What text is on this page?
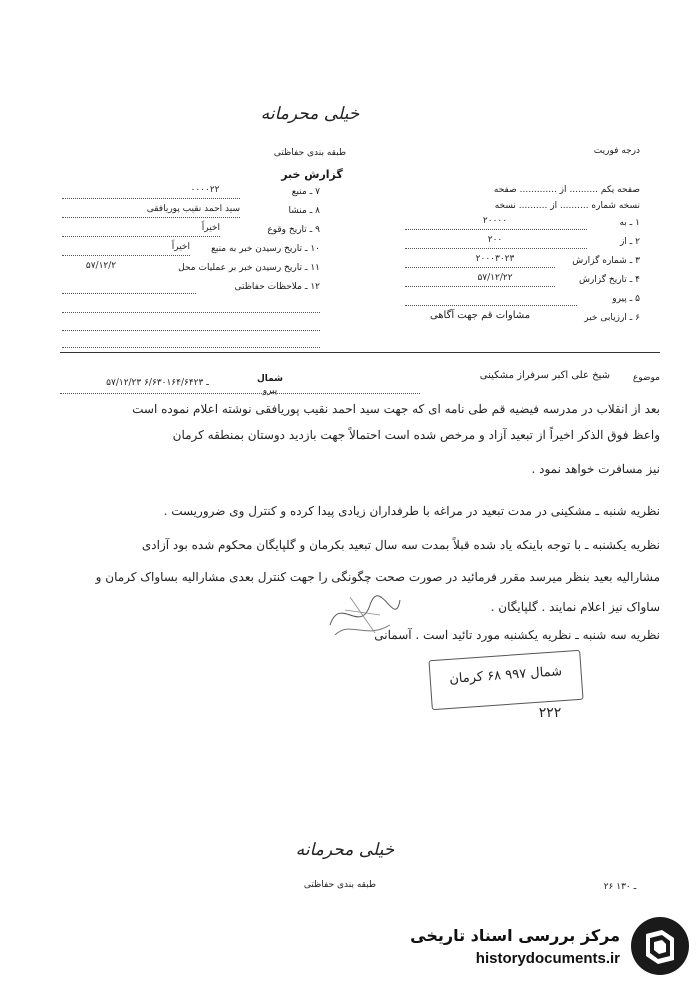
خیلی محرمانه
طبقه بندی حفاظتی	درجه فوریت
گزارش خبر
صفحه یکم .......... از ............. صفحه
نسخه شماره .......... از .......... نسخه
۱ ـ به
۲۰۰۰۰
۲ ـ از
۲۰۰
۳ ـ شماره گزارش
۲۰۰۰۳۰۲۳
۴ ـ تاریخ گزارش
۵۷/۱۲/۲۲
۵ ـ پیرو
۶ ـ ارزیابی خبر
مشاوات قم جهت آگاهی
۷ ـ منبع
۰۰۰۰۲۲
۸ ـ منشا
سید احمد نقیب پوریافقی
۹ ـ تاریخ وقوع
اخیراً
۱۰ ـ تاریخ رسیدن خبر به منبع
اخیراً
۱۱ ـ تاریخ رسیدن خبر بر عملیات محل
۵۷/۱۲/۲
۱۲ ـ ملاحظات حفاظتی
موضوع
شیخ علی اکبر سرفراز مشکینی
شمال
پیرو
۵۷/۱۲/۲۳ ـ ۶/۶۳۰۱۶۴/۶۴۲۳
بعد از انقلاب در مدرسه فیضیه قم طی نامه ای که جهت سید احمد نقیب پوریافقی نوشته اعلام نموده است
واعظ فوق الذکر اخیراً از تبعید آزاد و مرخص شده است احتمالاً جهت بازدید دوستان بمنطقه کرمان
نیز مسافرت خواهد نمود .
نظریه شنبه ـ مشکینی در مدت تبعید در مراغه با طرفداران زیادی پیدا کرده و کنترل وی ضروریست .
نظریه یکشنبه ـ با توجه باینکه یاد شده قبلاً بمدت سه سال تبعید بکرمان و گلپایگان محکوم شده بود آزادی
مشارالیه بعید بنظر میرسد مقرر فرمائید در صورت صحت چگونگی را جهت کنترل بعدی مشارالیه بساواک کرمان و
ساواک نیز اعلام نمایند . گلپایگان .
نظریه سه شنبه ـ نظریه یکشنبه مورد تائید است . آسمانی
شمال ۹۹۷ ۶۸ کرمان
۲۲۲
خیلی محرمانه
طبقه بندی حفاظتی	۲۶ ـ ۱۳۰
مرکز بررسی اسناد تاریخی
historydocuments.ir
